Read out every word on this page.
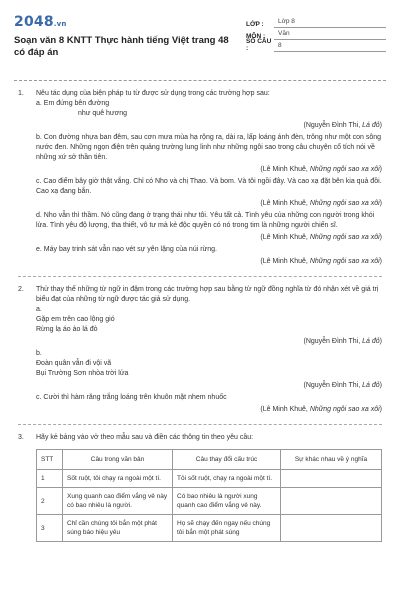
2048.vn
Soạn văn 8 KNTT Thực hành tiếng Việt trang 48 có đáp án
LỚP :	Lớp 8
MÔN :	Văn
SỐ CÂU :	8
1.	Nêu tác dụng của biện pháp tu từ được sử dụng trong các trường hợp sau:
a. Em đứng bên đường
như quê hương
(Nguyễn Đình Thi, Lá đỏ)
b. Con đường nhựa ban đêm, sau cơn mưa mùa hạ rộng ra, dài ra, lấp loáng ánh đèn, trông như một con sông nước đen. Những ngọn điện trên quảng trường lung linh như những ngôi sao trong câu chuyện cổ tích nói về những xứ sở thần tiên.
(Lê Minh Khuê, Những ngôi sao xa xôi)
c. Cao điểm bây giờ thật vắng. Chỉ có Nho và chị Thao. Và bom. Và tôi ngồi đây. Và cao xạ đặt bên kia quả đồi. Cao xạ đang bắn.
(Lê Minh Khuê, Những ngôi sao xa xôi)
d. Nho vẫn thì thầm. Nó cũng đang ở trạng thái như tôi. Yêu tất cả. Tình yêu của những con người trong khói lửa. Tình yêu độ lượng, tha thiết, vô tư mà kẻ độc quyền có nó trong tim là những người chiến sĩ.
(Lê Minh Khuê, Những ngôi sao xa xôi)
e. Máy bay trinh sát vẫn nạo vét sự yên lặng của núi rừng.
(Lê Minh Khuê, Những ngôi sao xa xôi)
2.	Thử thay thế những từ ngữ in đậm trong các trường hợp sau bằng từ ngữ đồng nghĩa từ đó nhận xét về giá trị biểu đạt của những từ ngữ được tác giả sử dụng.
a.
Gặp em trên cao lộng gió
Rừng lạ áo ào lá đỏ
(Nguyễn Đình Thi, Lá đỏ)
b.
Đoàn quân vẫn đi vội vã
Bụi Trường Sơn nhòa trời lửa
(Nguyễn Đình Thi, Lá đỏ)
c. Cười thì hàm răng trắng loáng trên khuôn mặt nhem nhuốc
(Lê Minh Khuê, Những ngôi sao xa xôi)
3.	Hãy kẻ bảng vào vở theo mẫu sau và điền các thông tin theo yêu cầu:
STT	Câu trong văn bản	Câu thay đổi cấu trúc	Sự khác nhau về ý nghĩa
1	Sốt ruột, tôi chạy ra ngoài một tí.	Tôi sốt ruột, chạy ra ngoài một tí.	
2	Xung quanh cao điểm vắng vẻ này có bao nhiêu là người.	Có bao nhiêu là người xung quanh cao điểm vắng vẻ này.	
3	Chỉ cần chúng tôi bắn một phát súng báo hiệu yêu	Họ sẽ chạy đến ngay nếu chúng tôi bắn một phát súng	
